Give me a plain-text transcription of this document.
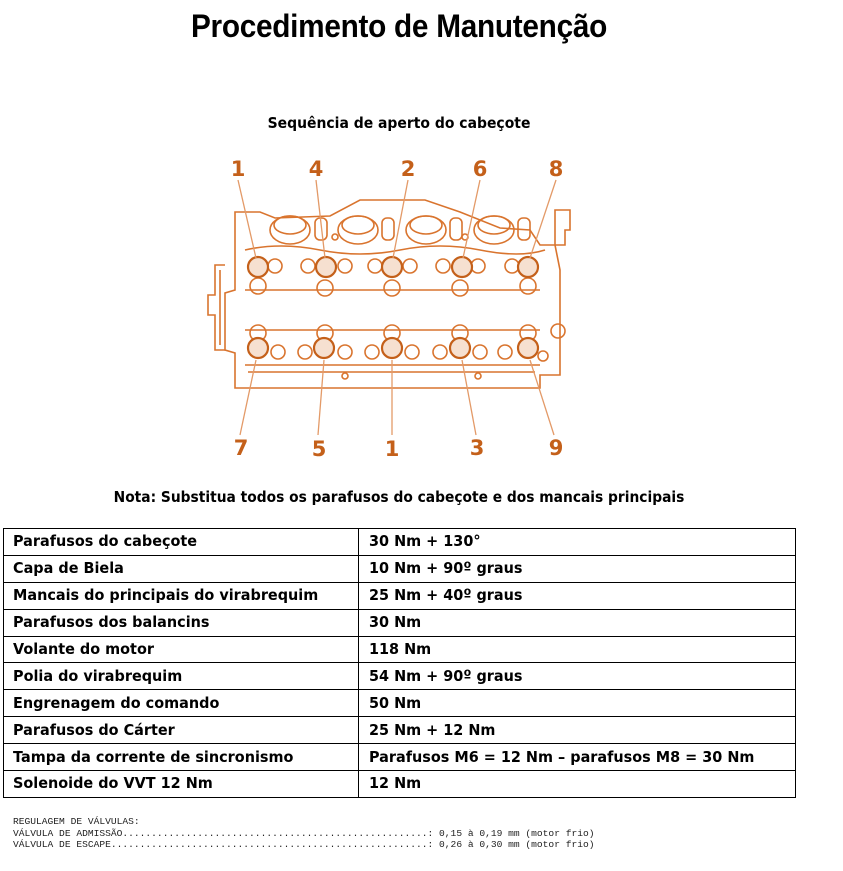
Procedimento de Manutenção
Sequência de aperto do cabeçote
1	4	2	6	8
7	5	1	3	9
Nota: Substitua todos os parafusos do cabeçote e dos mancais principais
Parafusos do cabeçote	30 Nm + 130°
Capa de Biela	10 Nm + 90º graus
Mancais do principais do virabrequim	25 Nm + 40º graus
Parafusos dos balancins	30 Nm
Volante do motor	118 Nm
Polia do virabrequim	54 Nm + 90º graus
Engrenagem do comando	50 Nm
Parafusos do Cárter	25 Nm + 12 Nm
Tampa da corrente de sincronismo	Parafusos M6 = 12 Nm – parafusos M8 = 30 Nm
Solenoide do VVT 12 Nm	12 Nm
REGULAGEM DE VÁLVULAS:
VÁLVULA DE ADMISSÃO.....................................................: 0,15 à 0,19 mm (motor frio)
VÁLVULA DE ESCAPE.......................................................: 0,26 à 0,30 mm (motor frio)
